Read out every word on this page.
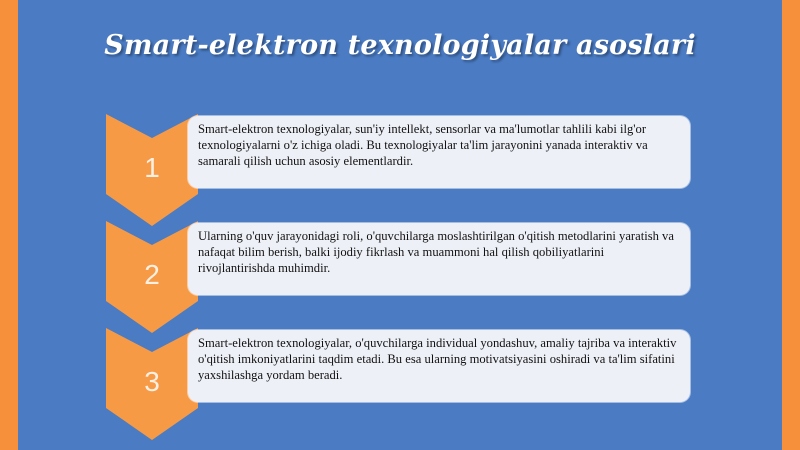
Smart-elektron texnologiyalar asoslari
1
Smart-elektron texnologiyalar, sun'iy intellekt, sensorlar va ma'lumotlar tahlili kabi ilg'or texnologiyalarni o'z ichiga oladi. Bu texnologiyalar ta'lim jarayonini yanada interaktiv va samarali qilish uchun asosiy elementlardir.
2
Ularning o'quv jarayonidagi roli, o'quvchilarga moslashtirilgan o'qitish metodlarini yaratish va nafaqat bilim berish, balki ijodiy fikrlash va muammoni hal qilish qobiliyatlarini rivojlantirishda muhimdir.
3
Smart-elektron texnologiyalar, o'quvchilarga individual yondashuv, amaliy tajriba va interaktiv o'qitish imkoniyatlarini taqdim etadi. Bu esa ularning motivatsiyasini oshiradi va ta'lim sifatini yaxshilashga yordam beradi.
